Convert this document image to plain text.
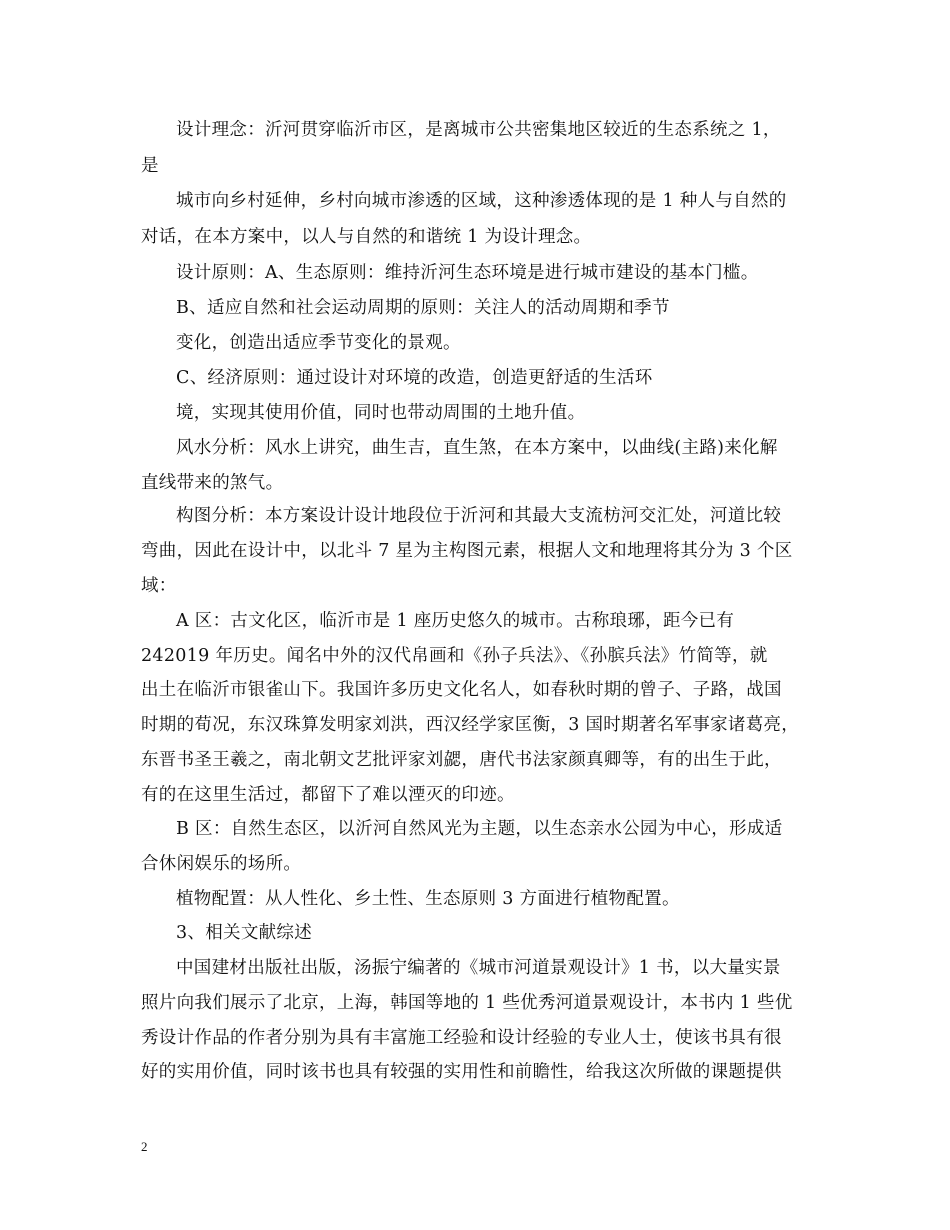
设计理念：沂河贯穿临沂市区，是离城市公共密集地区较近的生态系统之 1，
是
城市向乡村延伸，乡村向城市渗透的区域，这种渗透体现的是 1 种人与自然的
对话，在本方案中，以人与自然的和谐统 1 为设计理念。
设计原则：A、生态原则：维持沂河生态环境是进行城市建设的基本门槛。
B、适应自然和社会运动周期的原则：关注人的活动周期和季节
变化，创造出适应季节变化的景观。
C、经济原则：通过设计对环境的改造，创造更舒适的生活环
境，实现其使用价值，同时也带动周围的土地升值。
风水分析：风水上讲究，曲生吉，直生煞，在本方案中，以曲线(主路)来化解
直线带来的煞气。
构图分析：本方案设计设计地段位于沂河和其最大支流枋河交汇处，河道比较
弯曲，因此在设计中，以北斗 7 星为主构图元素，根据人文和地理将其分为 3 个区
域：
A 区：古文化区，临沂市是 1 座历史悠久的城市。古称琅琊，距今已有
242019 年历史。闻名中外的汉代帛画和《孙子兵法》、《孙膑兵法》竹简等，就
出土在临沂市银雀山下。我国许多历史文化名人，如春秋时期的曾子、子路，战国
时期的荀况，东汉珠算发明家刘洪，西汉经学家匡衡，3 国时期著名军事家诸葛亮，
东晋书圣王羲之，南北朝文艺批评家刘勰，唐代书法家颜真卿等，有的出生于此，
有的在这里生活过，都留下了难以湮灭的印迹。
B 区：自然生态区，以沂河自然风光为主题，以生态亲水公园为中心，形成适
合休闲娱乐的场所。
植物配置：从人性化、乡土性、生态原则 3 方面进行植物配置。
3、相关文献综述
中国建材出版社出版，汤振宁编著的《城市河道景观设计》1 书，以大量实景
照片向我们展示了北京，上海，韩国等地的 1 些优秀河道景观设计，本书内 1 些优
秀设计作品的作者分别为具有丰富施工经验和设计经验的专业人士，使该书具有很
好的实用价值，同时该书也具有较强的实用性和前瞻性，给我这次所做的课题提供
2
